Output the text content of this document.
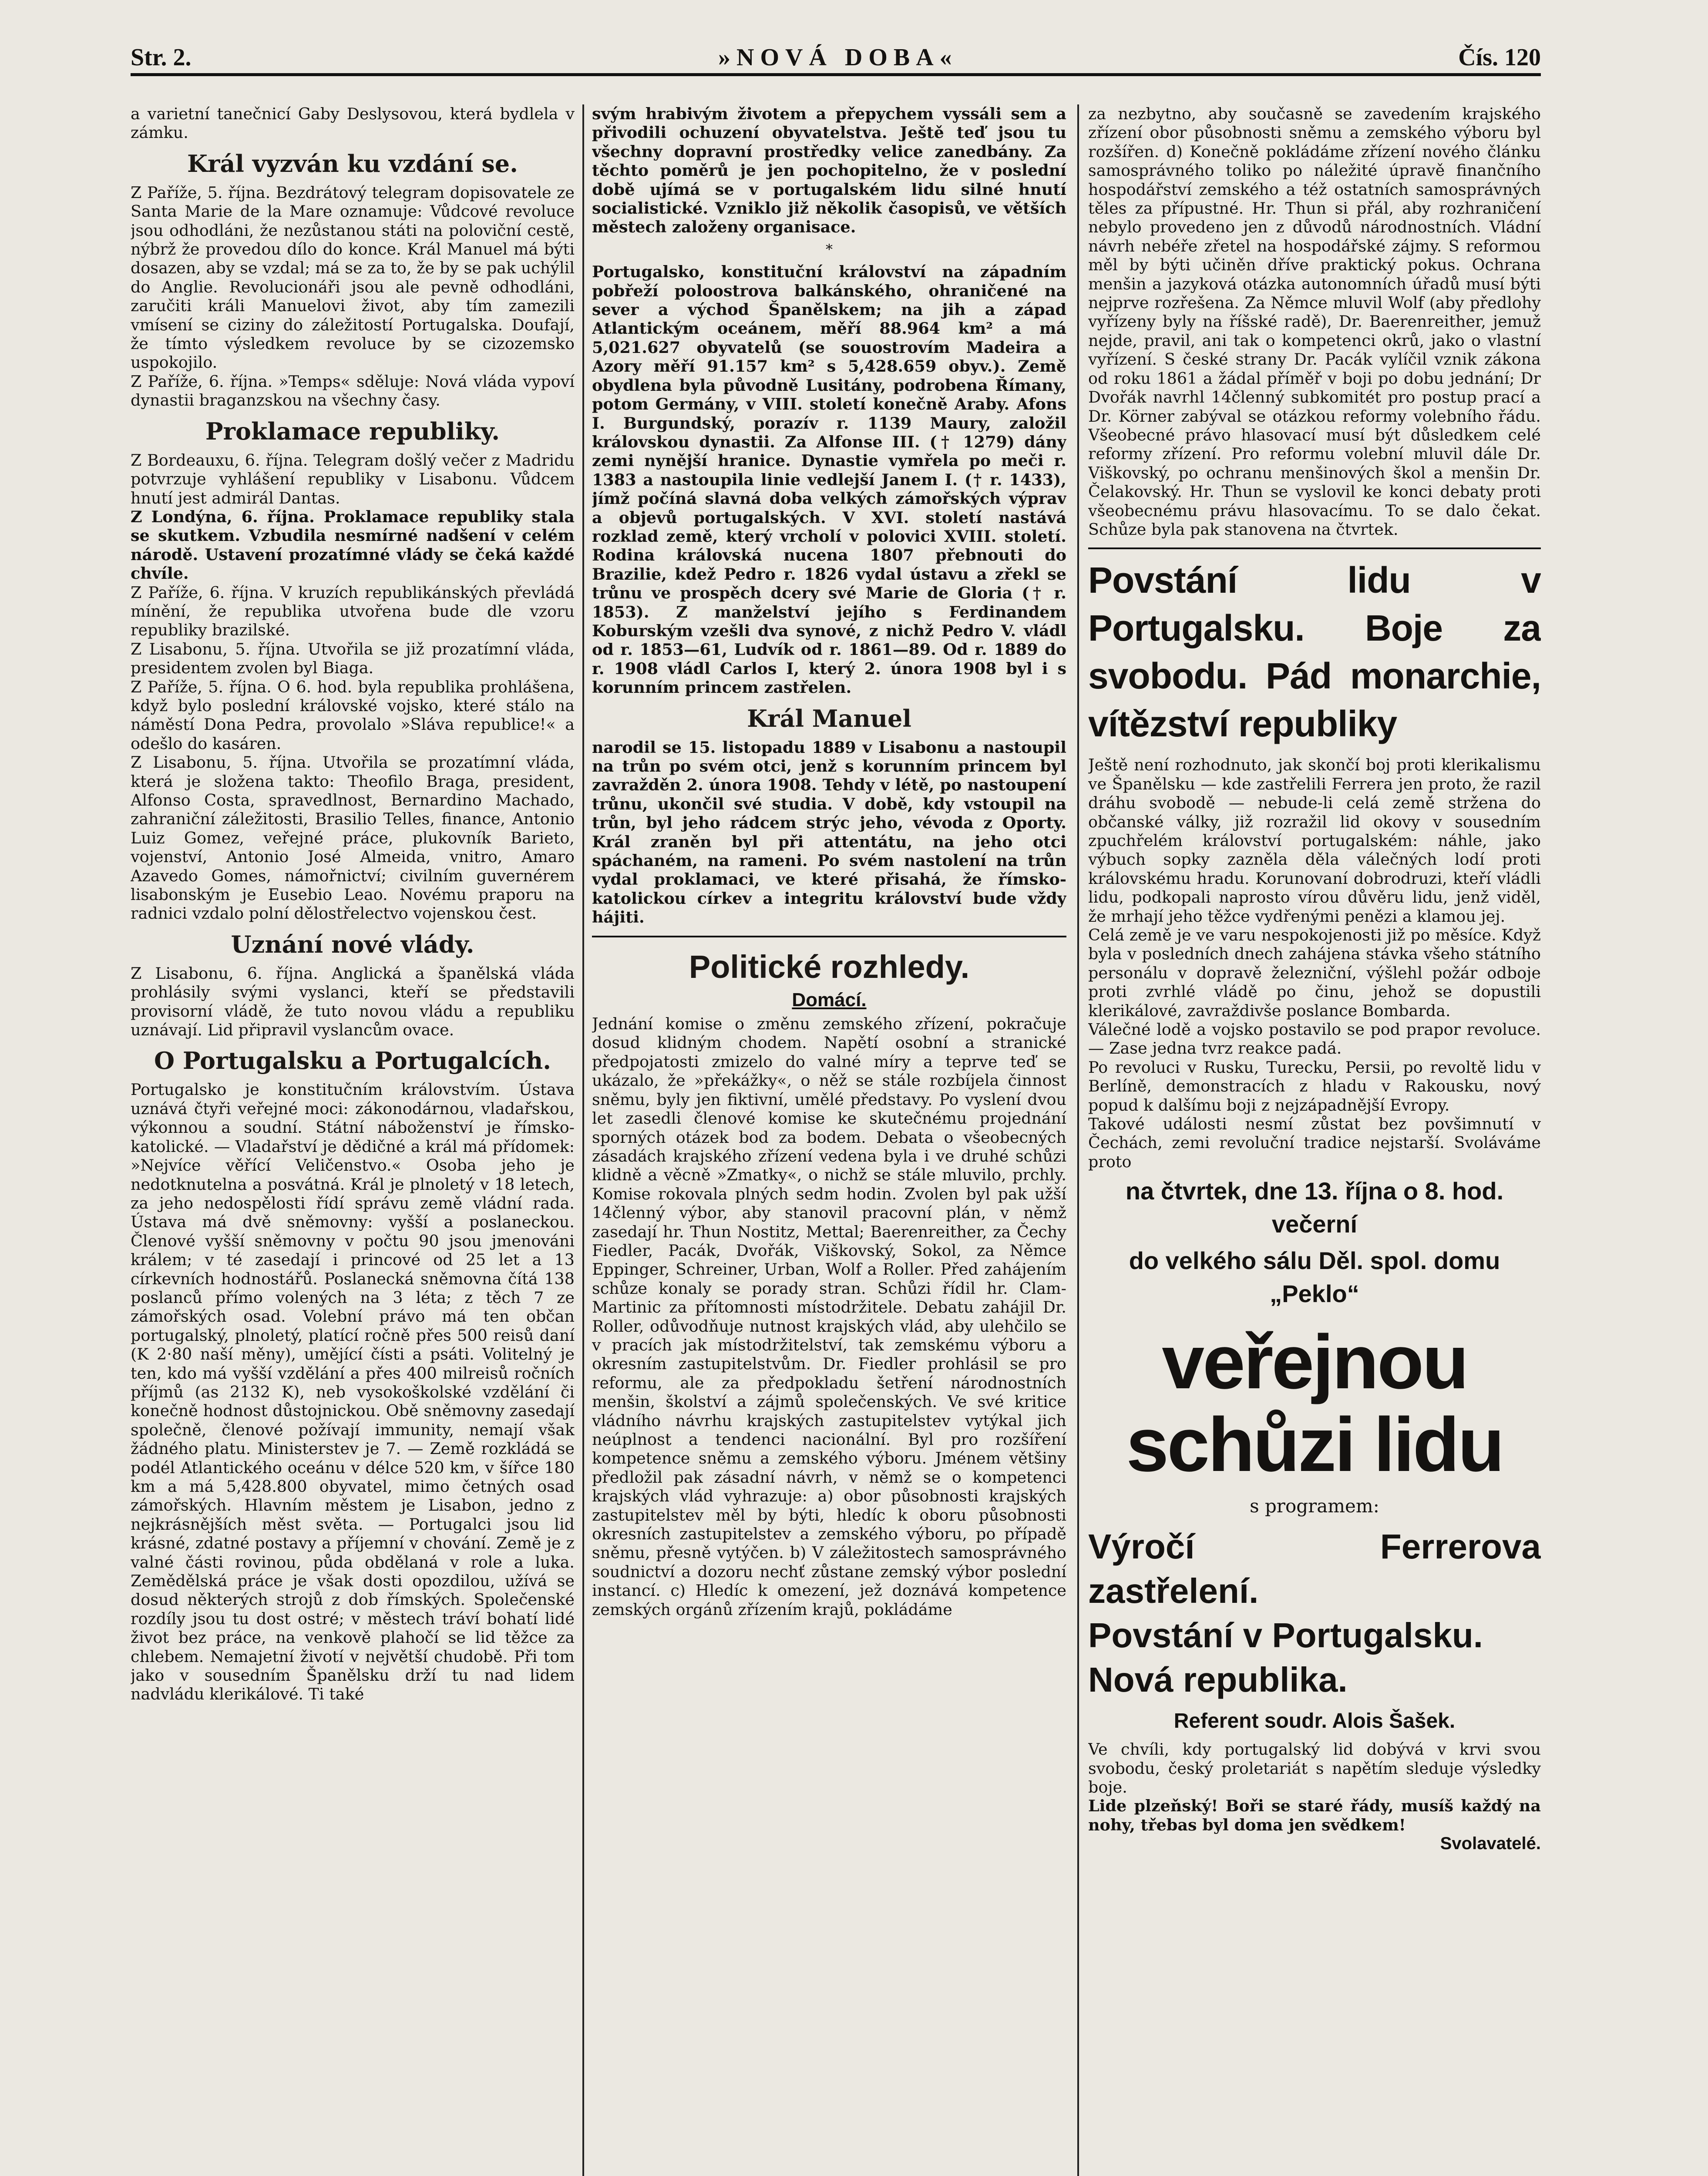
Str. 2.	»NOVÁ DOBA«	Čís. 120

a varietní tanečnicí Gaby Deslysovou, která bydlela v zámku.

Král vyzván ku vzdání se.

Z Paříže, 5. října. Bezdrátový telegram dopisovatele ze Santa Marie de la Mare oznamuje: Vůdcové revoluce jsou odhodláni, že nezůstanou státi na poloviční cestě, nýbrž že provedou dílo do konce. Král Manuel má býti dosazen, aby se vzdal; má se za to, že by se pak uchýlil do Anglie. Revolucionáři jsou ale pevně odhodláni, zaručiti králi Manuelovi život, aby tím zamezili vmísení se ciziny do záležitostí Portugalska. Doufají, že tímto výsledkem revoluce by se cizozemsko uspokojilo.

Z Paříže, 6. října. »Temps« sděluje: Nová vláda vypoví dynastii braganzskou na všechny časy.

Proklamace republiky.

Z Bordeauxu, 6. října. Telegram došlý večer z Madridu potvrzuje vyhlášení republiky v Lisabonu. Vůdcem hnutí jest admirál Dantas.

Z Londýna, 6. října. Proklamace republiky stala se skutkem. Vzbudila nesmírné nadšení v celém národě. Ustavení prozatímné vlády se čeká každé chvíle.

Z Paříže, 6. října. V kruzích republikánských převládá mínění, že republika utvořena bude dle vzoru republiky brazilské.

Z Lisabonu, 5. října. Utvořila se již prozatímní vláda, presidentem zvolen byl Biaga.

Z Paříže, 5. října. O 6. hod. byla republika prohlášena, když bylo poslední královské vojsko, které stálo na náměstí Dona Pedra, provolalo »Sláva republice!« a odešlo do kasáren.

Z Lisabonu, 5. října. Utvořila se prozatímní vláda, která je složena takto: Theofilo Braga, president, Alfonso Costa, spravedlnost, Bernardino Machado, zahraniční záležitosti, Brasilio Telles, finance, Antonio Luiz Gomez, veřejné práce, plukovník Barieto, vojenství, Antonio José Almeida, vnitro, Amaro Azavedo Gomes, námořnictví; civilním guvernérem lisabonským je Eusebio Leao. Novému praporu na radnici vzdalo polní dělostřelectvo vojenskou čest.

Uznání nové vlády.

Z Lisabonu, 6. října. Anglická a španělská vláda prohlásily svými vyslanci, kteří se představili provisorní vládě, že tuto novou vládu a republiku uznávají. Lid připravil vyslancům ovace.

O Portugalsku a Portugalcích.

Portugalsko je konstitučním královstvím. Ústava uznává čtyři veřejné moci: zákonodárnou, vladařskou, výkonnou a soudní. Státní náboženství je římsko-katolické. — Vladařství je dědičné a král má přídomek: »Nejvíce věřící Veličenstvo.« Osoba jeho je nedotknutelna a posvátná. Král je plnoletý v 18 letech, za jeho nedospělosti řídí správu země vládní rada. Ústava má dvě sněmovny: vyšší a poslaneckou. Členové vyšší sněmovny v počtu 90 jsou jmenováni králem; v té zasedají i princové od 25 let a 13 církevních hodnostářů. Poslanecká sněmovna čítá 138 poslanců přímo volených na 3 léta; z těch 7 ze zámořských osad. Volební právo má ten občan portugalský, plnoletý, platící ročně přes 500 reisů daní (K 2·80 naší měny), umějící čísti a psáti. Volitelný je ten, kdo má vyšší vzdělání a přes 400 milreisů ročních příjmů (as 2132 K), neb vysokoškolské vzdělání či konečně hodnost důstojnickou. Obě sněmovny zasedají společně, členové požívají immunity, nemají však žádného platu. Ministerstev je 7. — Země rozkládá se podél Atlantického oceánu v délce 520 km, v šířce 180 km a má 5,428.800 obyvatel, mimo četných osad zámořských. Hlavním městem je Lisabon, jedno z nejkrásnějších měst světa. — Portugalci jsou lid krásné, zdatné postavy a příjemní v chování. Země je z valné části rovinou, půda obdělaná v role a luka. Zemědělská práce je však dosti opozdilou, užívá se dosud některých strojů z dob římských. Společenské rozdíly jsou tu dost ostré; v městech tráví bohatí lidé život bez práce, na venkově plahočí se lid těžce za chlebem. Nemajetní životí v největší chudobě. Při tom jako v sousedním Španělsku drží tu nad lidem nadvládu klerikálové. Ti také

svým hrabivým životem a přepychem vyssáli sem a přivodili ochuzení obyvatelstva. Ještě teď jsou tu všechny dopravní prostředky velice zanedbány. Za těchto poměrů je jen pochopitelno, že v poslední době ujímá se v portugalském lidu silné hnutí socialistické. Vzniklo již několik časopisů, ve větších městech založeny organisace.

*

Portugalsko, konstituční království na západním pobřeží poloostrova balkánského, ohraničené na sever a východ Španělskem; na jih a západ Atlantickým oceánem, měří 88.964 km² a má 5,021.627 obyvatelů (se souostrovím Madeira a Azory měří 91.157 km² s 5,428.659 obyv.). Země obydlena byla původně Lusitány, podrobena Římany, potom Germány, v VIII. století konečně Araby. Afons I. Burgundský, porazív r. 1139 Maury, založil královskou dynastii. Za Alfonse III. († 1279) dány zemi nynější hranice. Dynastie vymřela po meči r. 1383 a nastoupila linie vedlejší Janem I. († r. 1433), jímž počíná slavná doba velkých zámořských výprav a objevů portugalských. V XVI. století nastává rozklad země, který vrcholí v polovici XVIII. století. Rodina královská nucena 1807 přebnouti do Brazilie, kdež Pedro r. 1826 vydal ústavu a zřekl se trůnu ve prospěch dcery své Marie de Gloria († r. 1853). Z manželství jejího s Ferdinandem Koburským vzešli dva synové, z nichž Pedro V. vládl od r. 1853—61, Ludvík od r. 1861—89. Od r. 1889 do r. 1908 vládl Carlos I, který 2. února 1908 byl i s korunním princem zastřelen.

Král Manuel

narodil se 15. listopadu 1889 v Lisabonu a nastoupil na trůn po svém otci, jenž s korunním princem byl zavražděn 2. února 1908. Tehdy v létě, po nastoupení trůnu, ukončil své studia. V době, kdy vstoupil na trůn, byl jeho rádcem strýc jeho, vévoda z Oporty. Král zraněn byl při attentátu, na jeho otci spáchaném, na rameni. Po svém nastolení na trůn vydal proklamaci, ve které přisahá, že římsko-katolickou církev a integritu království bude vždy hájiti.

Politické rozhledy.
Domácí.

Jednání komise o změnu zemského zřízení, pokračuje dosud klidným chodem. Napětí osobní a stranické předpojatosti zmizelo do valné míry a teprve teď se ukázalo, že »překážky«, o něž se stále rozbíjela činnost sněmu, byly jen fiktivní, umělé představy. Po vyslení dvou let zasedli členové komise ke skutečnému projednání sporných otázek bod za bodem. Debata o všeobecných zásadách krajského zřízení vedena byla i ve druhé schůzi klidně a věcně »Zmatky«, o nichž se stále mluvilo, prchly. Komise rokovala plných sedm hodin. Zvolen byl pak užší 14členný výbor, aby stanovil pracovní plán, v němž zasedají hr. Thun Nostitz, Mettal; Baerenreither, za Čechy Fiedler, Pacák, Dvořák, Viškovský, Sokol, za Němce Eppinger, Schreiner, Urban, Wolf a Roller. Před zahájením schůze konaly se porady stran. Schůzi řídil hr. Clam-Martinic za přítomnosti místodržitele. Debatu zahájil Dr. Roller, odůvodňuje nutnost krajských vlád, aby ulehčilo se v pracích jak místodržitelství, tak zemskému výboru a okresním zastupitelstvům. Dr. Fiedler prohlásil se pro reformu, ale za předpokladu šetření národnostních menšin, školství a zájmů společenských. Ve své kritice vládního návrhu krajských zastupitelstev vytýkal jich neúplnost a tendenci nacionální. Byl pro rozšíření kompetence sněmu a zemského výboru. Jménem většiny předložil pak zásadní návrh, v němž se o kompetenci krajských vlád vyhrazuje: a) obor působnosti krajských zastupitelstev měl by býti, hledíc k oboru působnosti okresních zastupitelstev a zemského výboru, po případě sněmu, přesně vytýčen. b) V záležitostech samosprávného soudnictví a dozoru nechť zůstane zemský výbor poslední instancí. c) Hledíc k omezení, jež doznává kompetence zemských orgánů zřízením krajů, pokládáme

za nezbytno, aby současně se zavedením krajského zřízení obor působnosti sněmu a zemského výboru byl rozšířen. d) Konečně pokládáme zřízení nového článku samosprávného toliko po náležité úpravě finančního hospodářství zemského a též ostatních samosprávných těles za přípustné. Hr. Thun si přál, aby rozhraničení nebylo provedeno jen z důvodů národnostních. Vládní návrh nebéře zřetel na hospodářské zájmy. S reformou měl by býti učiněn dříve praktický pokus. Ochrana menšin a jazyková otázka autonomních úřadů musí býti nejprve rozřešena. Za Němce mluvil Wolf (aby předlohy vyřízeny byly na říšské radě), Dr. Baerenreither, jemuž nejde, pravil, ani tak o kompetenci okrů, jako o vlastní vyřízení. S české strany Dr. Pacák vylíčil vznik zákona od roku 1861 a žádal příměř v boji po dobu jednání; Dr Dvořák navrhl 14členný subkomitét pro postup prací a Dr. Körner zabýval se otázkou reformy volebního řádu. Všeobecné právo hlasovací musí být důsledkem celé reformy zřízení. Pro reformu volební mluvil dále Dr. Viškovský, po ochranu menšinových škol a menšin Dr. Čelakovský. Hr. Thun se vyslovil ke konci debaty proti všeobecnému právu hlasovacímu. To se dalo čekat. Schůze byla pak stanovena na čtvrtek.

Povstání lidu v Portugalsku. Boje za svobodu. Pád monarchie, vítězství republiky

Ještě není rozhodnuto, jak skončí boj proti klerikalismu ve Španělsku — kde zastřelili Ferrera jen proto, že razil dráhu svobodě — nebude-li celá země stržena do občanské války, již rozražil lid okovy v sousedním zpuchřelém království portugalském: náhle, jako výbuch sopky zazněla děla válečných lodí proti královskému hradu. Korunovaní dobrodruzi, kteří vládli lidu, podkopali naprosto vírou důvěru lidu, jenž viděl, že mrhají jeho těžce vydřenými penězi a klamou jej.

Celá země je ve varu nespokojenosti již po měsíce. Když byla v posledních dnech zahájena stávka všeho státního personálu v dopravě železniční, výšlehl požár odboje proti zvrhlé vládě po činu, jehož se dopustili klerikálové, zavraždivše poslance Bombarda.

Válečné lodě a vojsko postavilo se pod prapor revoluce. — Zase jedna tvrz reakce padá.

Po revoluci v Rusku, Turecku, Persii, po revoltě lidu v Berlíně, demonstracích z hladu v Rakousku, nový popud k dalšímu boji z nejzápadnější Evropy.

Takové události nesmí zůstat bez povšimnutí v Čechách, zemi revoluční tradice nejstarší. Svoláváme proto

na čtvrtek, dne 13. října o 8. hod. večerní
do velkého sálu Děl. spol. domu „Peklo“
veřejnou schůzi lidu
s programem:

Výročí Ferrerova zastřelení.

Povstání v Portugalsku.

Nová republika.

Referent soudr. Alois Šašek.

Ve chvíli, kdy portugalský lid dobývá v krvi svou svobodu, český proletariát s napětím sleduje výsledky boje.

Lide plzeňský! Boři se staré řády, musíš každý na nohy, třebas byl doma jen svědkem!

Svolavatelé.
